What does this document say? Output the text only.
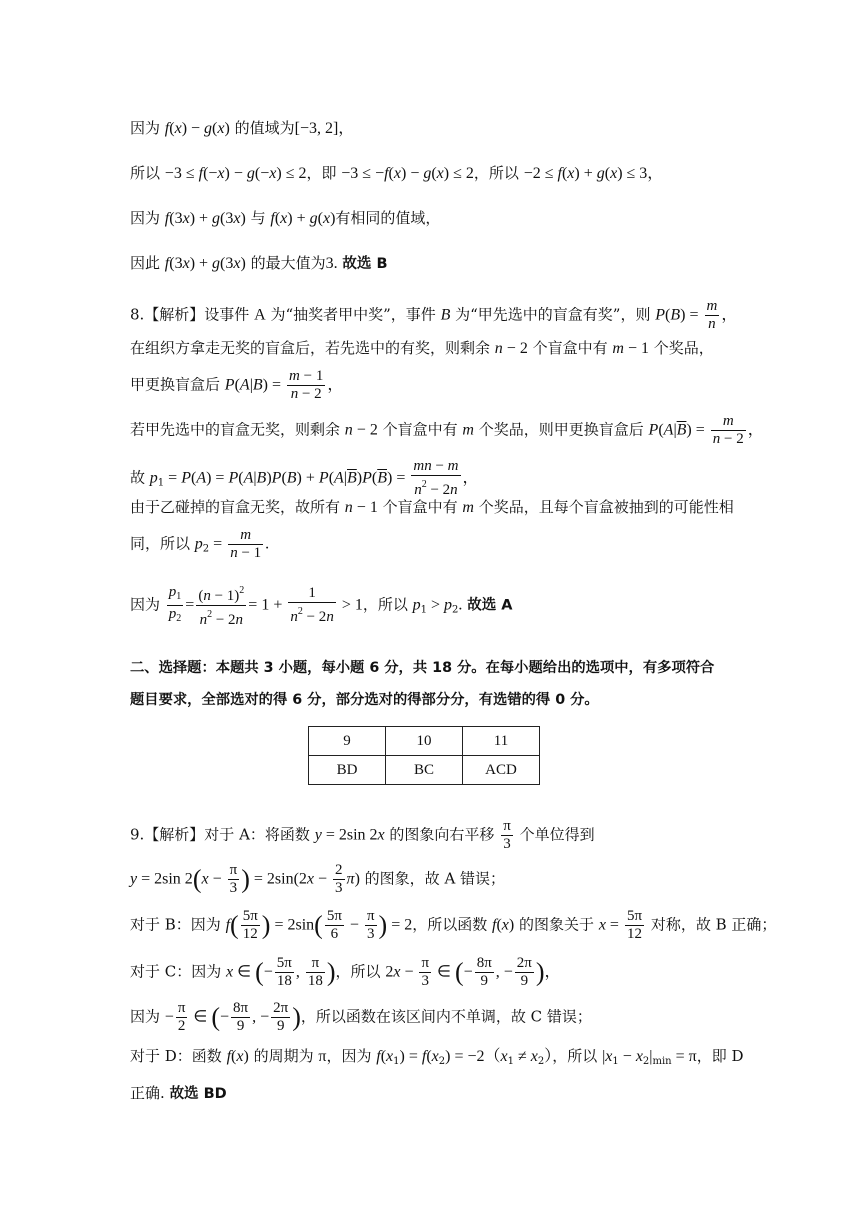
因为 f(x) − g(x) 的值域为[−3, 2]，
所以 −3 ≤ f(−x) − g(−x) ≤ 2，即 −3 ≤ −f(x) − g(x) ≤ 2，所以 −2 ≤ f(x) + g(x) ≤ 3，
因为 f(3x) + g(3x) 与 f(x) + g(x)有相同的值域，
因此 f(3x) + g(3x) 的最大值为3. 故选 B
8.【解析】设事件 A 为“抽奖者甲中奖”，事件 B 为“甲先选中的盲盒有奖”，则 $P(B) = \frac{m}{n}$ ，
在组织方拿走无奖的盲盒后，若先选中的有奖，则剩余 n − 2 个盲盒中有 m − 1 个奖品，
甲更换盲盒后 $P(A|B) = \frac{m - 1}{n - 2}$ ，
若甲先选中的盲盒无奖，则剩余 n − 2 个盲盒中有 m 个奖品，则甲更换盲盒后 $P(A|\overline{B}) = \frac{m}{n - 2}$ ，
故 $p_1 = P(A) = P(A|B)P(B) + P(A|\overline{B})P(\overline{B}) = \frac{mn - m}{n^2 - 2n}$ ，
由于乙碰掉的盲盒无奖，故所有 n − 1 个盲盒中有 m 个奖品，且每个盲盒被抽到的可能性相
同，所以 $p_2 = \frac{m}{n - 1}$ .
因为 $\frac{p_1}{p_2} = \frac{(n - 1)^2}{n^2 - 2n} = 1 + \frac{1}{n^2 - 2n} > 1$，所以 $p_1 > p_2$. 故选 A
二、选择题：本题共 3 小题，每小题 6 分，共 18 分。在每小题给出的选项中，有多项符合
题目要求，全部选对的得 6 分，部分选对的得部分分，有选错的得 0 分。
9	10	11
BD	BC	ACD
9.【解析】对于 A：将函数 y = 2sin 2x 的图象向右平移 $\frac{\pi}{3}$ 个单位得到
y = 2sin $2(x - \frac{\pi}{3}$ ) = $2\sin(2x - \frac{2}{3} \pi)$ 的图象，故 A 错误；
对于 B：因为 $f( \frac{5\pi}{12}$ ) = $2\sin( \frac{5\pi}{6} - \frac{\pi}{3}$ ) = 2，所以函数 f(x) 的图象关于 $x = \frac{5\pi}{12}$ 对称，故 B 正确；
对于 C：因为 x ∈ (− $\frac{5\pi}{18}$ , $\frac{\pi}{18}$ )，所以 $2x - \frac{\pi}{3}$ ∈ (− $\frac{8\pi}{9}$ , − $\frac{2\pi}{9}$ )，
因为 − $\frac{\pi}{2}$ ∈ (− $\frac{8\pi}{9}$ , − $\frac{2\pi}{9}$ )，所以函数在该区间内不单调，故 C 错误；
对于 D：函数 f(x) 的周期为 π，因为 $f(x_1) = f(x_2) = -2(x_1 \ne x_2)$，所以 $|x_1 - x_2|_{min} = \pi$，即 D
正确. 故选 BD
